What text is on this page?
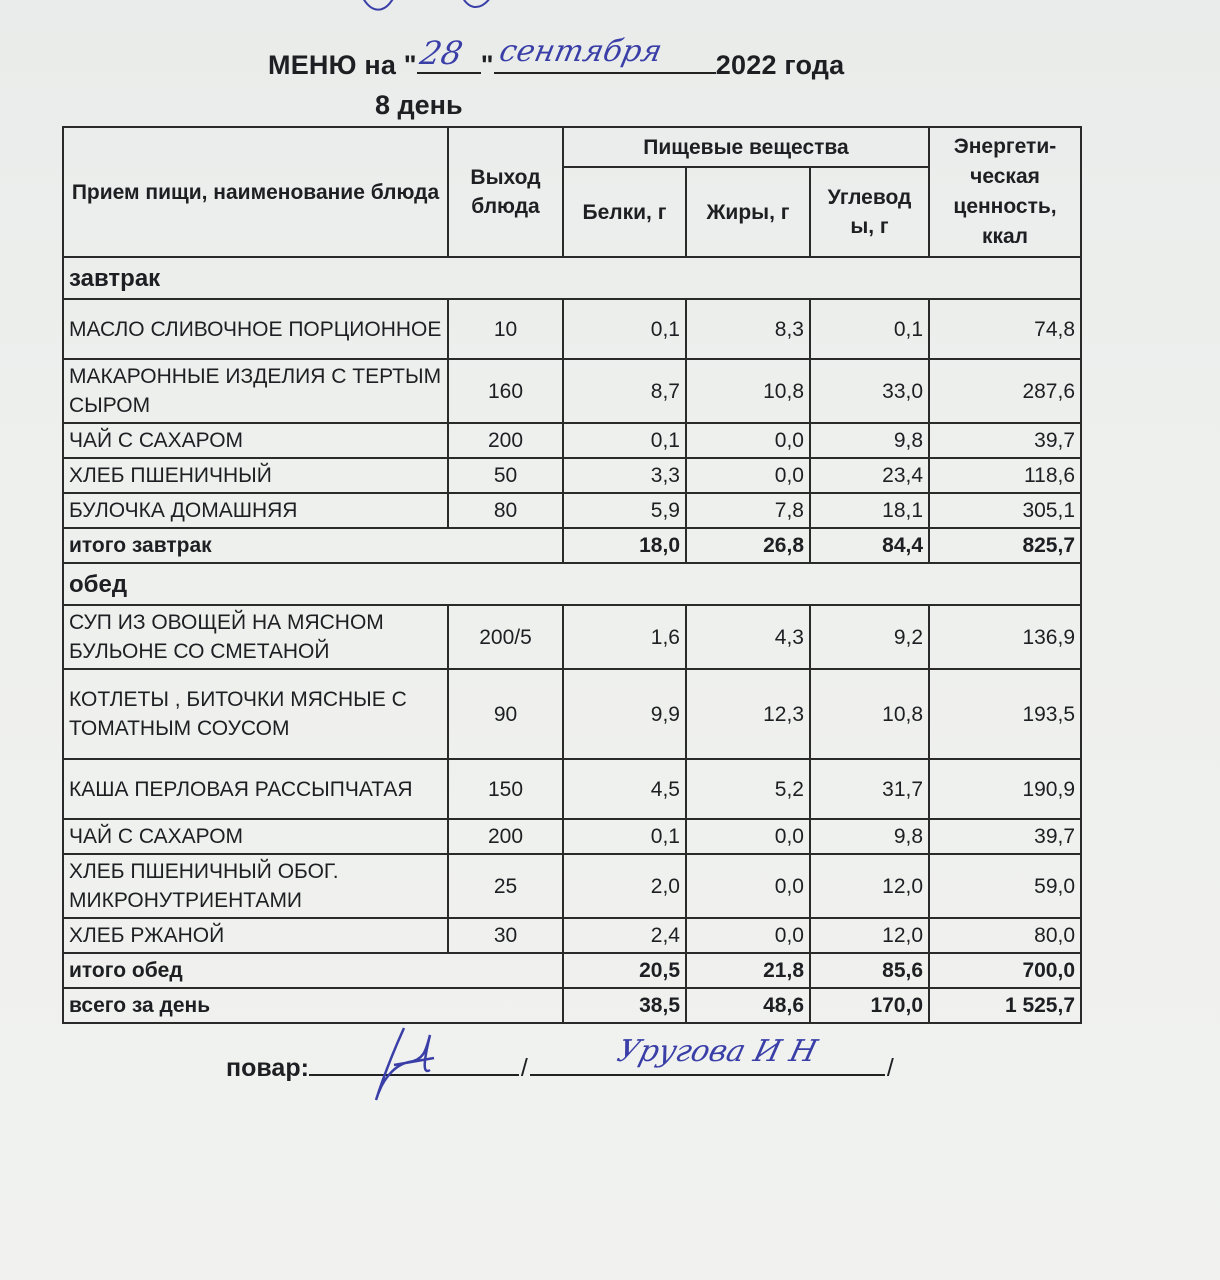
МЕНЮ на " 28 " сентября 2022 года
8 день
Прием пищи, наименование блюда	Выход блюда	Пищевые вещества			Энергети-ческая ценность, ккал
		Белки, г	Жиры, г	Углевод ы, г	
завтрак					
МАСЛО СЛИВОЧНОЕ ПОРЦИОННОЕ	10	0,1	8,3	0,1	74,8
МАКАРОННЫЕ ИЗДЕЛИЯ С ТЕРТЫМ СЫРОМ	160	8,7	10,8	33,0	287,6
ЧАЙ С САХАРОМ	200	0,1	0,0	9,8	39,7
ХЛЕБ ПШЕНИЧНЫЙ	50	3,3	0,0	23,4	118,6
БУЛОЧКА ДОМАШНЯЯ	80	5,9	7,8	18,1	305,1
итого завтрак		18,0	26,8	84,4	825,7
обед					
СУП ИЗ ОВОЩЕЙ НА МЯСНОМ БУЛЬОНЕ СО СМЕТАНОЙ	200/5	1,6	4,3	9,2	136,9
КОТЛЕТЫ , БИТОЧКИ МЯСНЫЕ С ТОМАТНЫМ СОУСОМ	90	9,9	12,3	10,8	193,5
КАША ПЕРЛОВАЯ РАССЫПЧАТАЯ	150	4,5	5,2	31,7	190,9
ЧАЙ С САХАРОМ	200	0,1	0,0	9,8	39,7
ХЛЕБ ПШЕНИЧНЫЙ ОБОГ. МИКРОНУТРИЕНТАМИ	25	2,0	0,0	12,0	59,0
ХЛЕБ РЖАНОЙ	30	2,4	0,0	12,0	80,0
итого обед		20,5	21,8	85,6	700,0
всего за день		38,5	48,6	170,0	1 525,7
повар:	/	Уругова И Н	/
